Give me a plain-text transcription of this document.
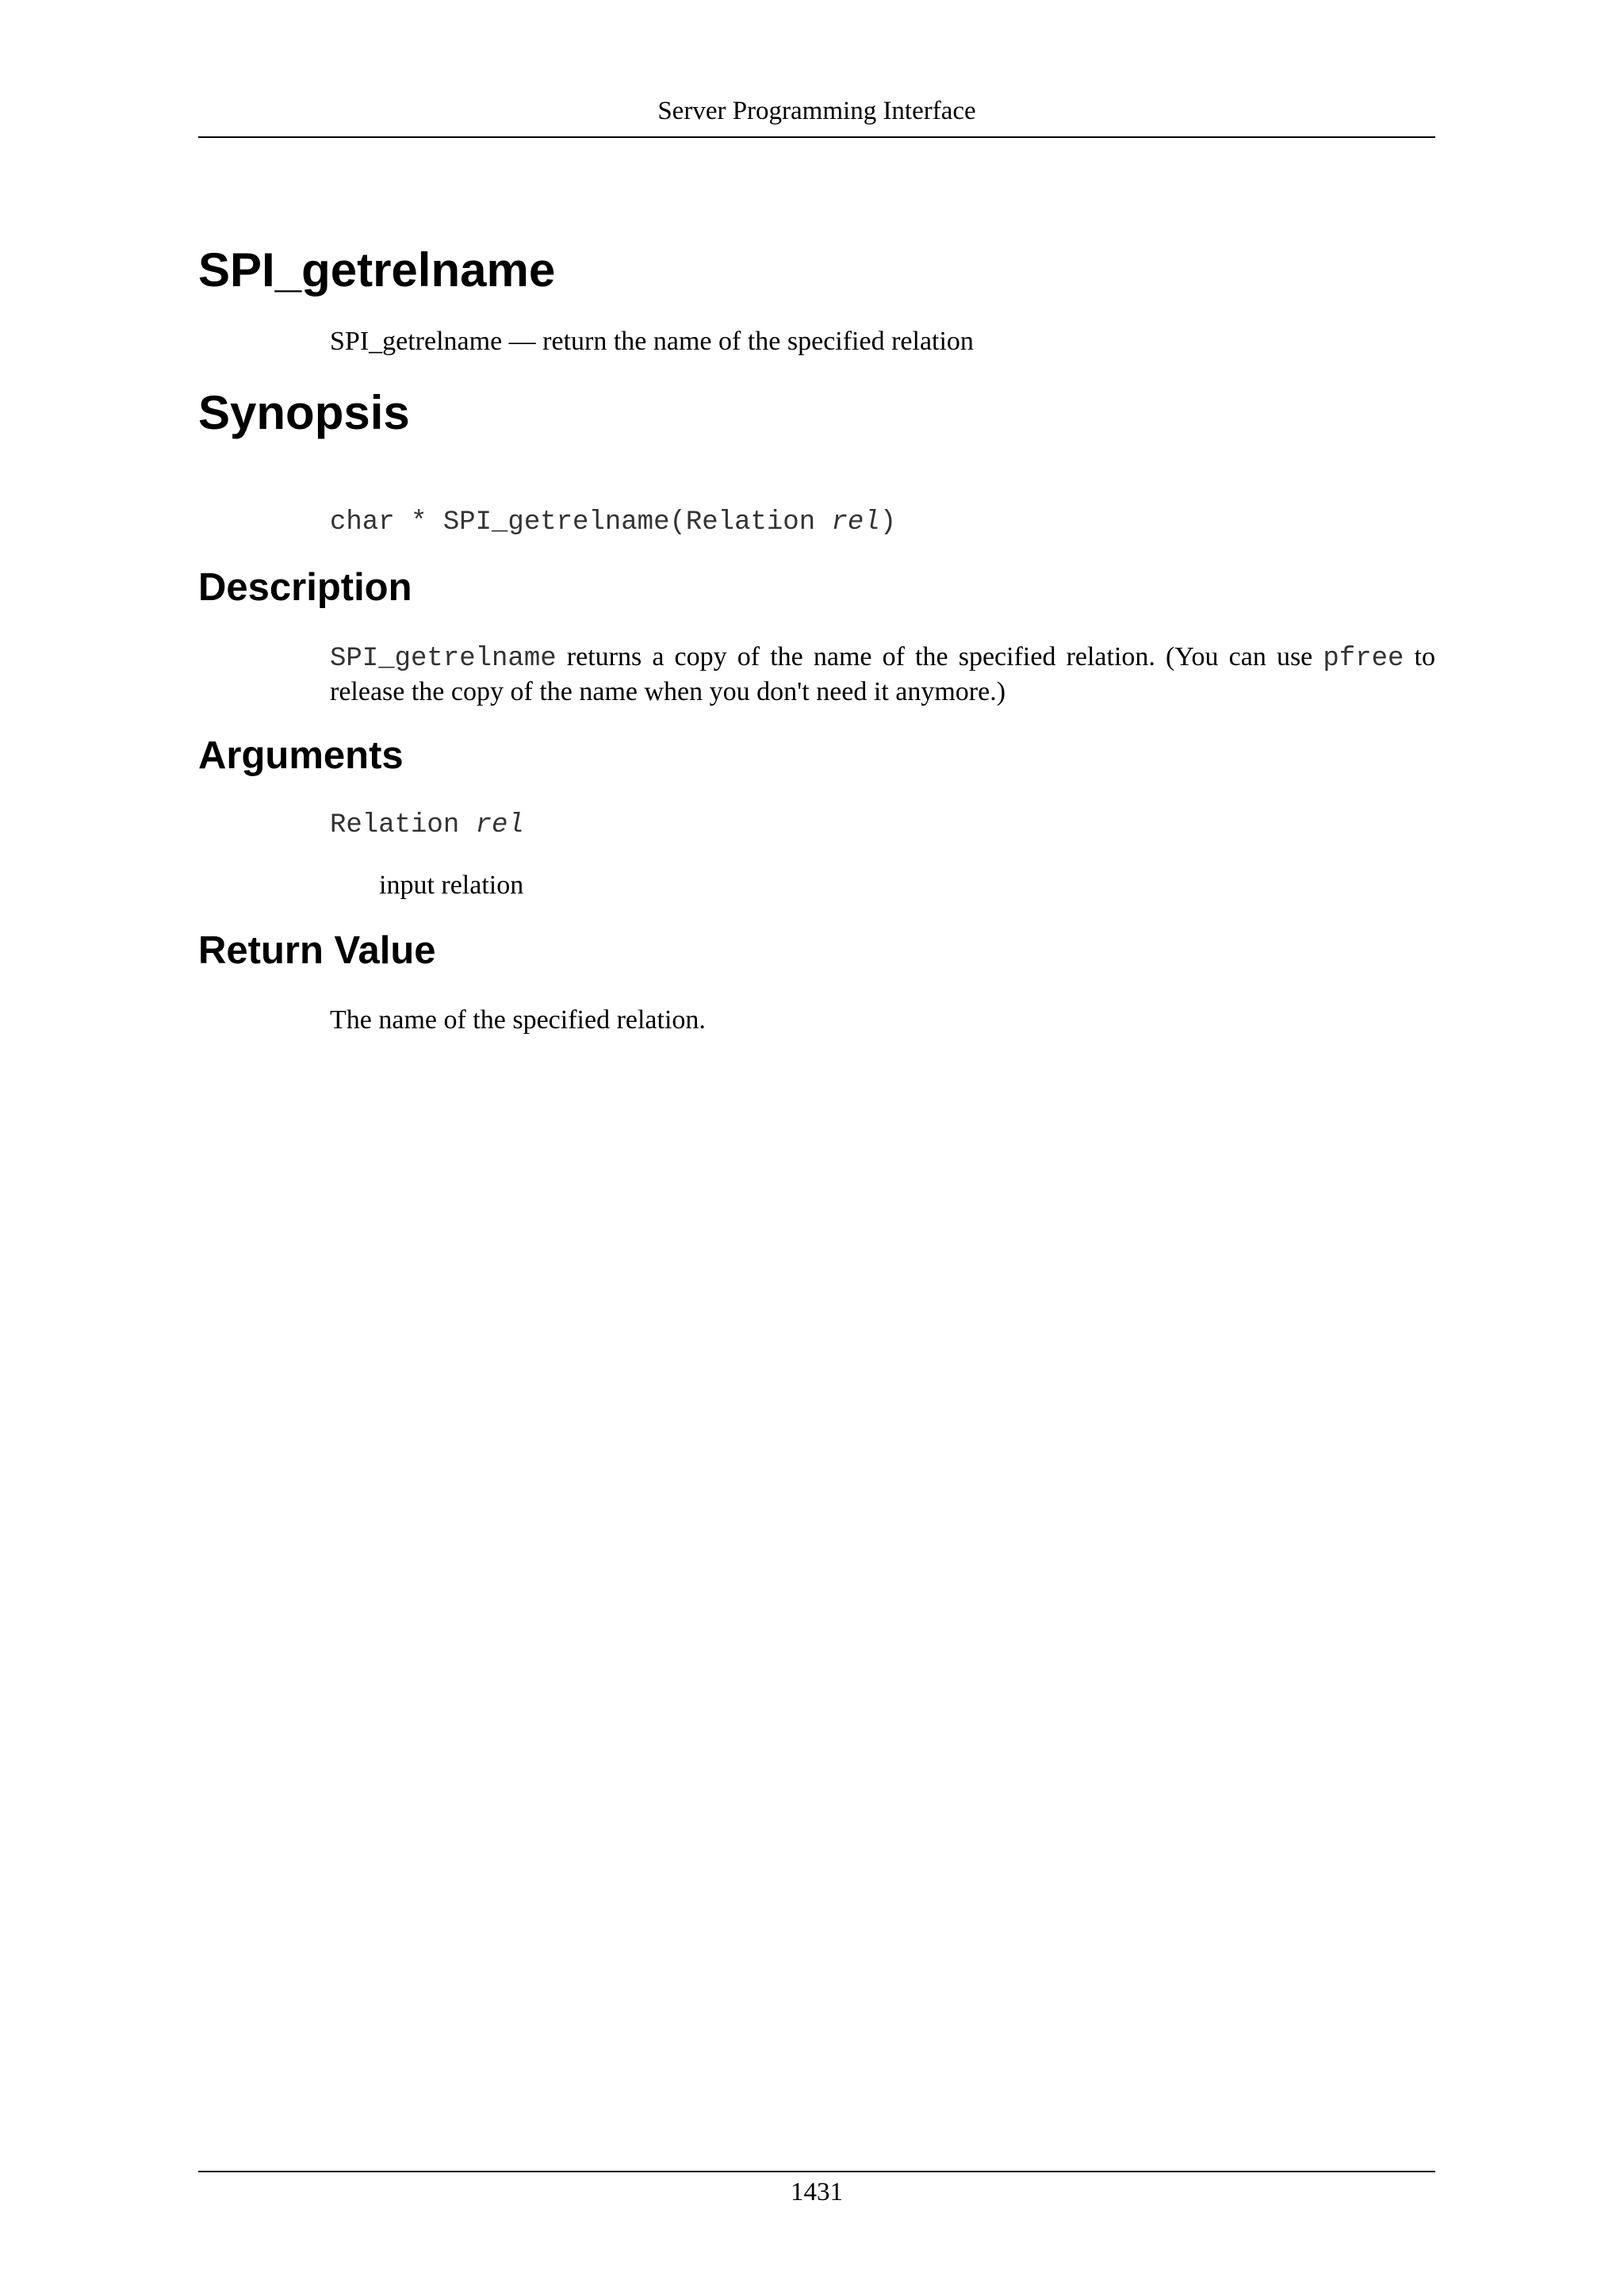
Server Programming Interface
SPI_getrelname

SPI_getrelname — return the name of the specified relation

Synopsis

char * SPI_getrelname(Relation rel)

Description

SPI_getrelname returns a copy of the name of the specified relation. (You can use pfree to release the copy of the name when you don't need it anymore.)

Arguments
Relation rel
input relation
Return Value

The name of the specified relation.

1431
